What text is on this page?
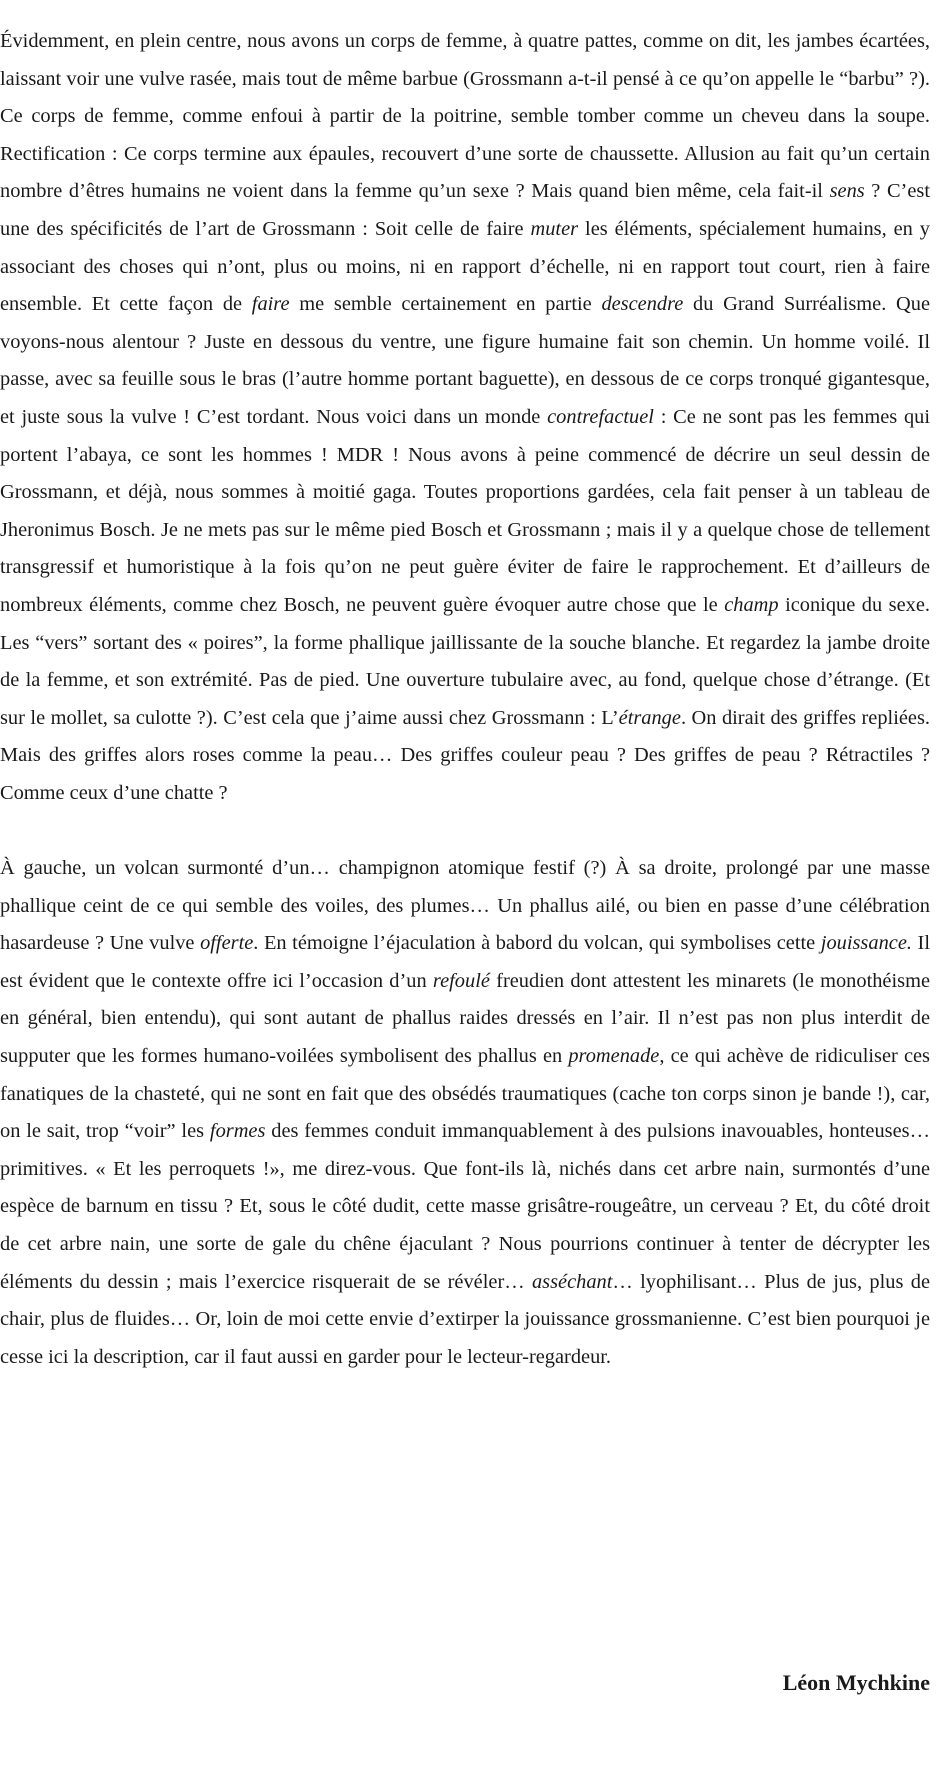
Évidemment, en plein centre, nous avons un corps de femme, à quatre pattes, comme on dit, les jambes écartées, laissant voir une vulve rasée, mais tout de même barbue (Grossmann a-t-il pensé à ce qu’on appelle le “barbu” ?). Ce corps de femme, comme enfoui à partir de la poitrine, semble tomber comme un cheveu dans la soupe. Rectification : Ce corps termine aux épaules, recouvert d’une sorte de chaussette. Allusion au fait qu’un certain nombre d’êtres humains ne voient dans la femme qu’un sexe ? Mais quand bien même, cela fait-il sens ? C’est une des spécificités de l’art de Grossmann : Soit celle de faire muter les éléments, spécialement humains, en y associant des choses qui n’ont, plus ou moins, ni en rapport d’échelle, ni en rapport tout court, rien à faire ensemble. Et cette façon de faire me semble certainement en partie descendre du Grand Surréalisme. Que voyons-nous alentour ? Juste en dessous du ventre, une figure humaine fait son chemin. Un homme voilé. Il passe, avec sa feuille sous le bras (l’autre homme portant baguette), en dessous de ce corps tronqué gigantesque, et juste sous la vulve ! C’est tordant. Nous voici dans un monde contrefactuel : Ce ne sont pas les femmes qui portent l’abaya, ce sont les hommes ! MDR ! Nous avons à peine commencé de décrire un seul dessin de Grossmann, et déjà, nous sommes à moitié gaga. Toutes proportions gardées, cela fait penser à un tableau de Jheronimus Bosch. Je ne mets pas sur le même pied Bosch et Grossmann ; mais il y a quelque chose de tellement transgressif et humoristique à la fois qu’on ne peut guère éviter de faire le rapprochement. Et d’ailleurs de nombreux éléments, comme chez Bosch, ne peuvent guère évoquer autre chose que le champ iconique du sexe. Les “vers” sortant des « poires”, la forme phallique jaillissante de la souche blanche. Et regardez la jambe droite de la femme, et son extrémité. Pas de pied. Une ouverture tubulaire avec, au fond, quelque chose d’étrange. (Et sur le mollet, sa culotte ?). C’est cela que j’aime aussi chez Grossmann : L’étrange. On dirait des griffes repliées. Mais des griffes alors roses comme la peau… Des griffes couleur peau ? Des griffes de peau ? Rétractiles ? Comme ceux d’une chatte ?

À gauche, un volcan surmonté d’un… champignon atomique festif (?) À sa droite, prolongé par une masse phallique ceint de ce qui semble des voiles, des plumes… Un phallus ailé, ou bien en passe d’une célébration hasardeuse ? Une vulve offerte. En témoigne l’éjaculation à babord du volcan, qui symbolises cette jouissance. Il est évident que le contexte offre ici l’occasion d’un refoulé freudien dont attestent les minarets (le monothéisme en général, bien entendu), qui sont autant de phallus raides dressés en l’air. Il n’est pas non plus interdit de supputer que les formes humano-voilées symbolisent des phallus en promenade, ce qui achève de ridiculiser ces fanatiques de la chasteté, qui ne sont en fait que des obsédés traumatiques (cache ton corps sinon je bande !), car, on le sait, trop “voir” les formes des femmes conduit immanquablement à des pulsions inavouables, honteuses… primitives. « Et les perroquets !», me direz-vous. Que font-ils là, nichés dans cet arbre nain, surmontés d’une espèce de barnum en tissu ? Et, sous le côté dudit, cette masse grisâtre-rougeâtre, un cerveau ? Et, du côté droit de cet arbre nain, une sorte de gale du chêne éjaculant ? Nous pourrions continuer à tenter de décrypter les éléments du dessin ; mais l’exercice risquerait de se révéler… asséchant… lyophilisant… Plus de jus, plus de chair, plus de fluides… Or, loin de moi cette envie d’extirper la jouissance grossmanienne. C’est bien pourquoi je cesse ici la description, car il faut aussi en garder pour le lecteur-regardeur.

Léon Mychkine
